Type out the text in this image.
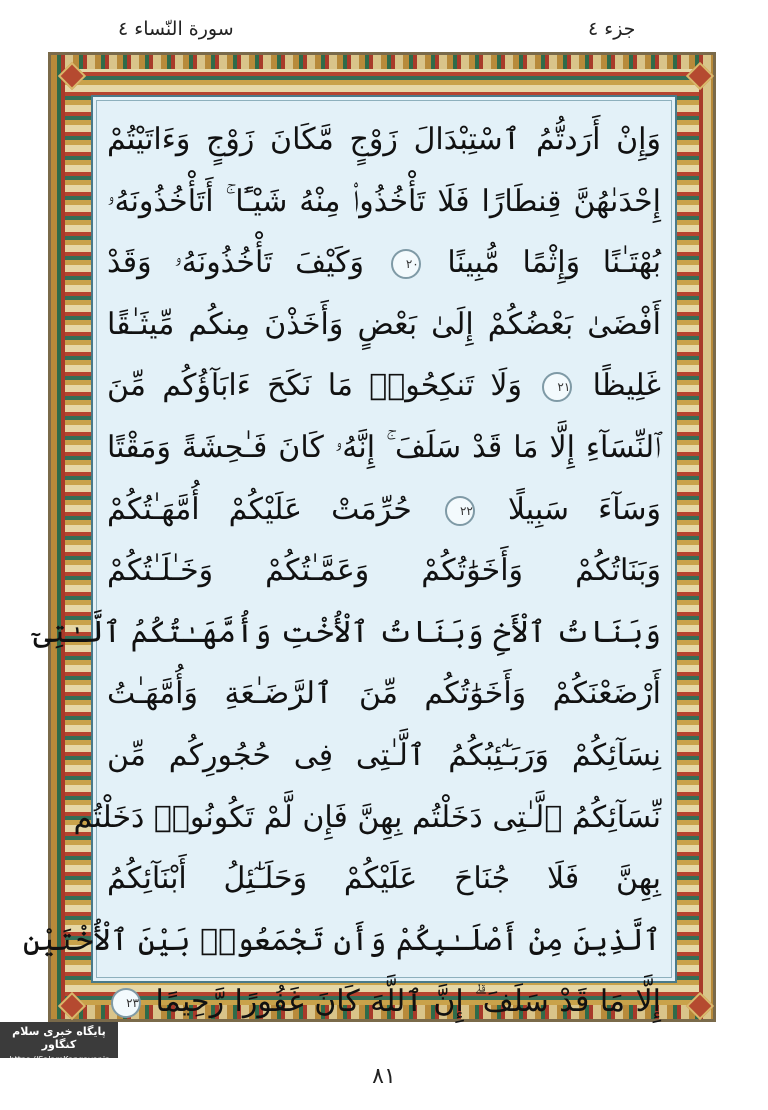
سورة النّساء ٤	جزء ٤
وَإِنْ أَرَدتُّمُ ٱسْتِبْدَالَ زَوْجٍ مَّكَانَ زَوْجٍ وَءَاتَيْتُمْ
إِحْدَىٰهُنَّ قِنطَارًا فَلَا تَأْخُذُوا۟ مِنْهُ شَيْـًٔا ۚ أَتَأْخُذُونَهُۥ
بُهْتَـٰنًا وَإِثْمًا مُّبِينًا ٢٠ وَكَيْفَ تَأْخُذُونَهُۥ وَقَدْ
أَفْضَىٰ بَعْضُكُمْ إِلَىٰ بَعْضٍ وَأَخَذْنَ مِنكُم مِّيثَـٰقًا
غَلِيظًا ٢١ وَلَا تَنكِحُوا۟ مَا نَكَحَ ءَابَآؤُكُم مِّنَ
ٱلنِّسَآءِ إِلَّا مَا قَدْ سَلَفَ ۚ إِنَّهُۥ كَانَ فَـٰحِشَةً وَمَقْتًا
وَسَآءَ سَبِيلًا ٢٢ حُرِّمَتْ عَلَيْكُمْ أُمَّهَـٰتُكُمْ
وَبَنَاتُكُمْ وَأَخَوَٰتُكُمْ وَعَمَّـٰتُكُمْ وَخَـٰلَـٰتُكُمْ
وَبَنَاتُ ٱلْأَخِ وَبَنَاتُ ٱلْأُخْتِ وَأُمَّهَـٰتُكُمُ ٱلَّـٰتِىٓ
أَرْضَعْنَكُمْ وَأَخَوَٰتُكُم مِّنَ ٱلرَّضَـٰعَةِ وَأُمَّهَـٰتُ
نِسَآئِكُمْ وَرَبَـٰٓئِبُكُمُ ٱلَّـٰتِى فِى حُجُورِكُم مِّن
نِّسَآئِكُمُ ٱلَّـٰتِى دَخَلْتُم بِهِنَّ فَإِن لَّمْ تَكُونُوا۟ دَخَلْتُم
بِهِنَّ فَلَا جُنَاحَ عَلَيْكُمْ وَحَلَـٰٓئِلُ أَبْنَآئِكُمُ
ٱلَّذِينَ مِنْ أَصْلَـٰبِكُمْ وَأَن تَجْمَعُوا۟ بَيْنَ ٱلْأُخْتَيْنِ
إِلَّا مَا قَدْ سَلَفَ ۗ إِنَّ ٱللَّهَ كَانَ غَفُورًا رَّحِيمًا ٢٣
پایگاه خبری سلام کنگاور
https://SalamKangavar.ir
٨١
